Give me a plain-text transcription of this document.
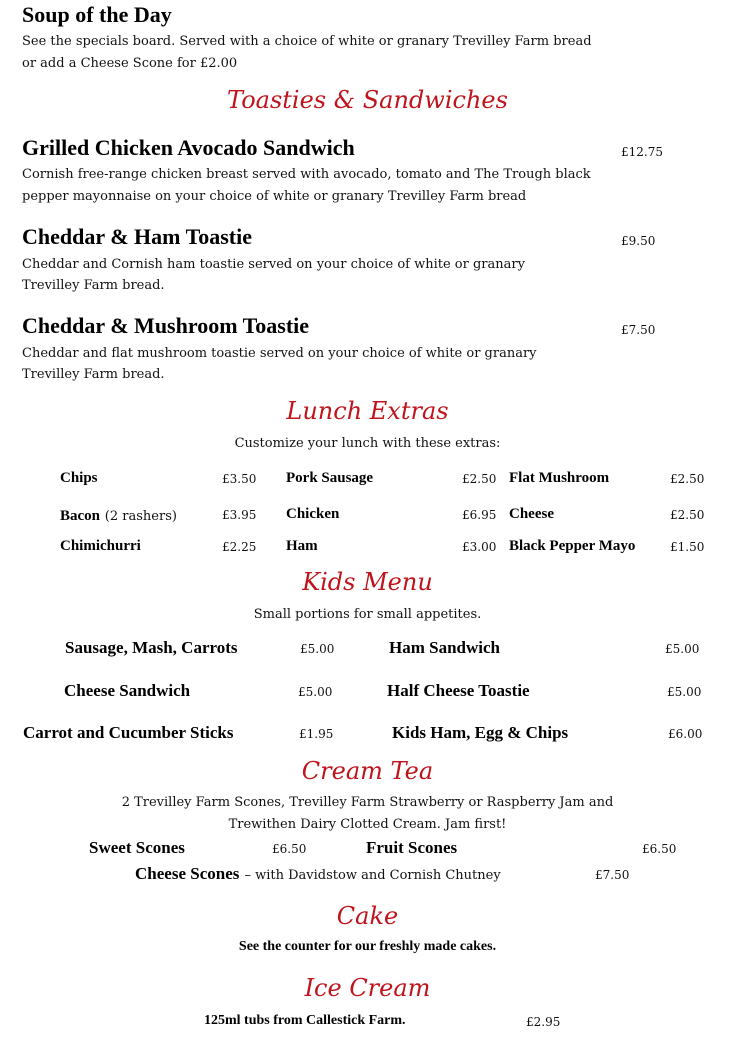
Soup of the Day
See the specials board. Served with a choice of white or granary Trevilley Farm bread
or add a Cheese Scone for £2.00
Toasties & Sandwiches
Grilled Chicken Avocado Sandwich	£12.75
Cornish free-range chicken breast served with avocado, tomato and The Trough black
pepper mayonnaise on your choice of white or granary Trevilley Farm bread
Cheddar & Ham Toastie	£9.50
Cheddar and Cornish ham toastie served on your choice of white or granary
Trevilley Farm bread.
Cheddar & Mushroom Toastie	£7.50
Cheddar and flat mushroom toastie served on your choice of white or granary
Trevilley Farm bread.
Lunch Extras
Customize your lunch with these extras:
Chips	£3.50 Pork Sausage	£2.50 Flat Mushroom	£2.50
Bacon (2 rashers)	£3.95 Chicken	£6.95 Cheese	£2.50
Chimichurri	£2.25 Ham	£3.00 Black Pepper Mayo	£1.50
Kids Menu
Small portions for small appetites.
Sausage, Mash, Carrots	£5.00	Ham Sandwich	£5.00
Cheese Sandwich	£5.00	Half Cheese Toastie	£5.00
Carrot and Cucumber Sticks	£1.95	Kids Ham, Egg & Chips	£6.00
Cream Tea
2 Trevilley Farm Scones, Trevilley Farm Strawberry or Raspberry Jam and
Trewithen Dairy Clotted Cream. Jam first!
Sweet Scones	£6.50	Fruit Scones	£6.50
Cheese Scones – with Davidstow and Cornish Chutney	£7.50
Cake
See the counter for our freshly made cakes.
Ice Cream
125ml tubs from Callestick Farm.	£2.95
